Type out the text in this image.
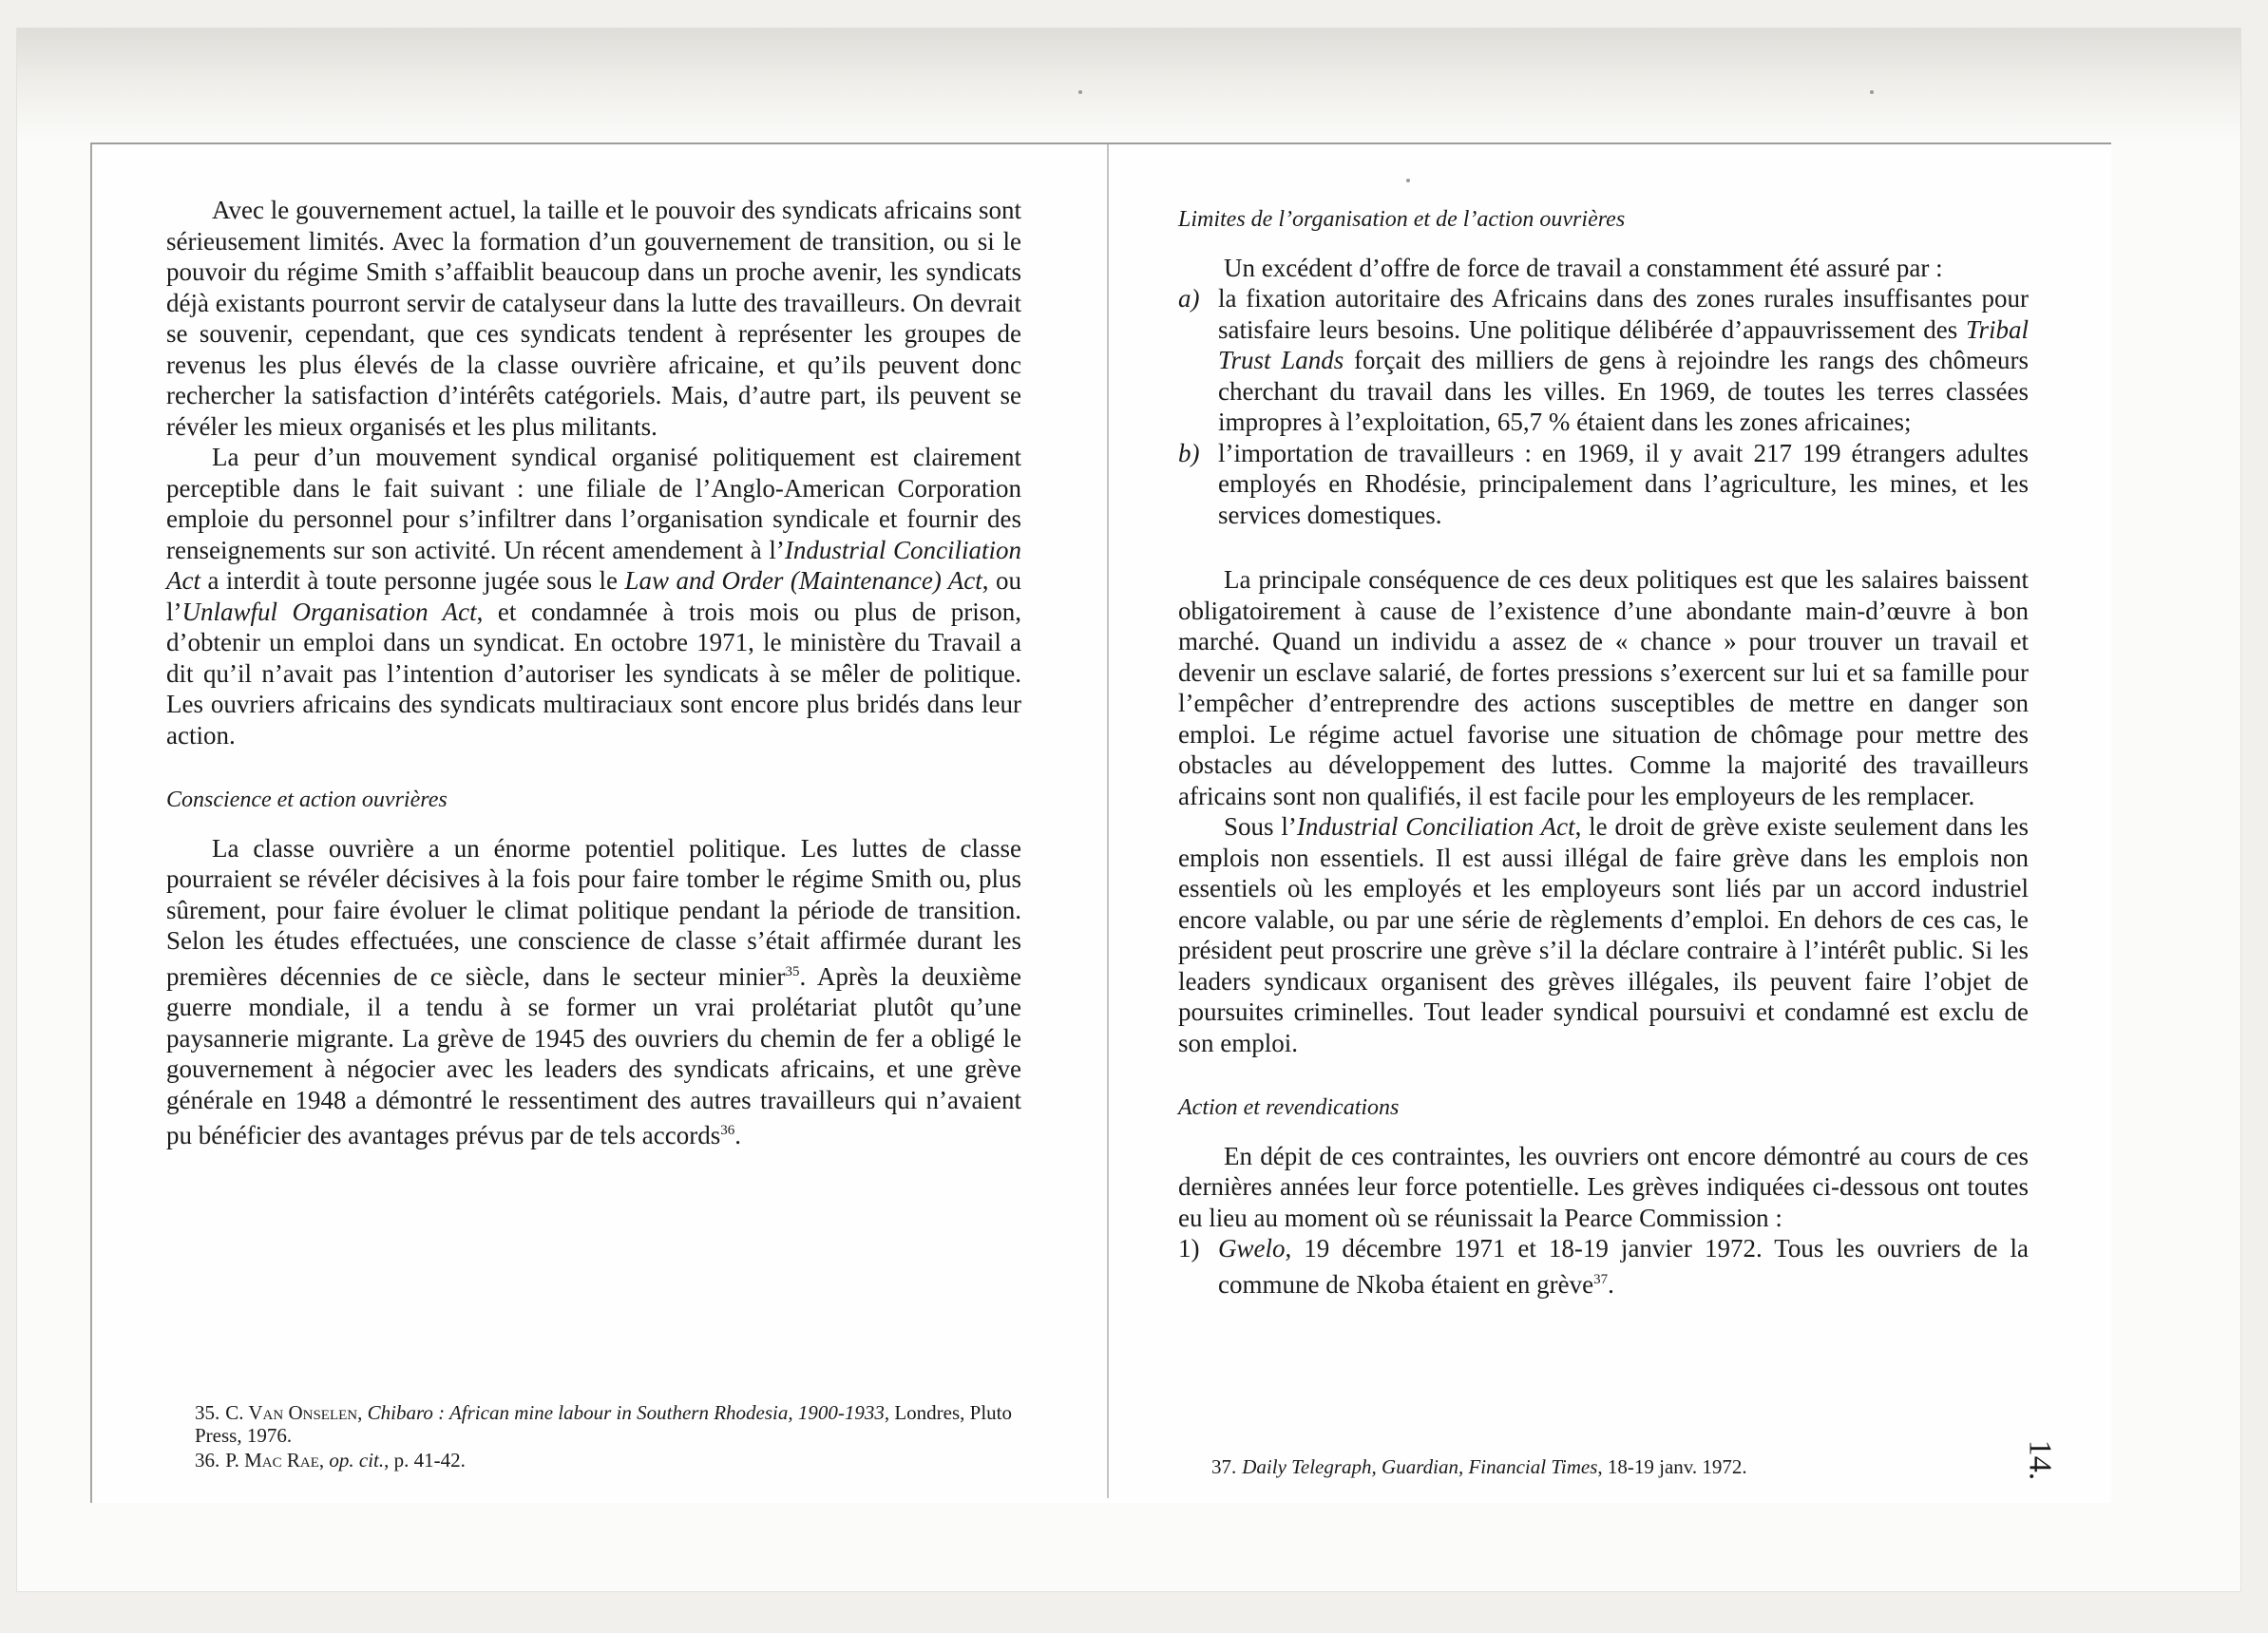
Avec le gouvernement actuel, la taille et le pouvoir des syndicats africains sont sérieusement limités. Avec la formation d’un gouvernement de transition, ou si le pouvoir du régime Smith s’affaiblit beaucoup dans un proche avenir, les syndicats déjà existants pourront servir de catalyseur dans la lutte des travailleurs. On devrait se souvenir, cependant, que ces syndicats tendent à représenter les groupes de revenus les plus élevés de la classe ouvrière africaine, et qu’ils peuvent donc rechercher la satisfaction d’intérêts catégoriels. Mais, d’autre part, ils peuvent se révéler les mieux organisés et les plus militants.

La peur d’un mouvement syndical organisé politiquement est clairement perceptible dans le fait suivant : une filiale de l’Anglo-American Corporation emploie du personnel pour s’infiltrer dans l’organisation syndicale et fournir des renseignements sur son activité. Un récent amendement à l’Industrial Conciliation Act a interdit à toute personne jugée sous le Law and Order (Maintenance) Act, ou l’Unlawful Organisation Act, et condamnée à trois mois ou plus de prison, d’obtenir un emploi dans un syndicat. En octobre 1971, le ministère du Travail a dit qu’il n’avait pas l’intention d’autoriser les syndicats à se mêler de politique. Les ouvriers africains des syndicats multiraciaux sont encore plus bridés dans leur action.

Conscience et action ouvrières

La classe ouvrière a un énorme potentiel politique. Les luttes de classe pourraient se révéler décisives à la fois pour faire tomber le régime Smith ou, plus sûrement, pour faire évoluer le climat politique pendant la période de transition. Selon les études effectuées, une conscience de classe s’était affirmée durant les premières décennies de ce siècle, dans le secteur minier$^{35}$. Après la deuxième guerre mondiale, il a tendu à se former un vrai prolétariat plutôt qu’une paysannerie migrante. La grève de 1945 des ouvriers du chemin de fer a obligé le gouvernement à négocier avec les leaders des syndicats africains, et une grève générale en 1948 a démontré le ressentiment des autres travailleurs qui n’avaient pu bénéficier des avantages prévus par de tels accords$^{36}$.

35. C. Van Onselen, Chibaro : African mine labour in Southern Rhodesia, 1900-1933, Londres, Pluto Press, 1976.
36. P. Mac Rae, op. cit., p. 41-42.

Limites de l’organisation et de l’action ouvrières

Un excédent d’offre de force de travail a constamment été assuré par :

a) la fixation autoritaire des Africains dans des zones rurales insuffisantes pour satisfaire leurs besoins. Une politique délibérée d’appauvrissement des Tribal Trust Lands forçait des milliers de gens à rejoindre les rangs des chômeurs cherchant du travail dans les villes. En 1969, de toutes les terres classées impropres à l’exploitation, 65,7 % étaient dans les zones africaines;
b) l’importation de travailleurs : en 1969, il y avait 217 199 étrangers adultes employés en Rhodésie, principalement dans l’agriculture, les mines, et les services domestiques.

La principale conséquence de ces deux politiques est que les salaires baissent obligatoirement à cause de l’existence d’une abondante main-d’œuvre à bon marché. Quand un individu a assez de « chance » pour trouver un travail et devenir un esclave salarié, de fortes pressions s’exercent sur lui et sa famille pour l’empêcher d’entreprendre des actions susceptibles de mettre en danger son emploi. Le régime actuel favorise une situation de chômage pour mettre des obstacles au développement des luttes. Comme la majorité des travailleurs africains sont non qualifiés, il est facile pour les employeurs de les remplacer.

Sous l’Industrial Conciliation Act, le droit de grève existe seulement dans les emplois non essentiels. Il est aussi illégal de faire grève dans les emplois non essentiels où les employés et les employeurs sont liés par un accord industriel encore valable, ou par une série de règlements d’emploi. En dehors de ces cas, le président peut proscrire une grève s’il la déclare contraire à l’intérêt public. Si les leaders syndicaux organisent des grèves illégales, ils peuvent faire l’objet de poursuites criminelles. Tout leader syndical poursuivi et condamné est exclu de son emploi.

Action et revendications

En dépit de ces contraintes, les ouvriers ont encore démontré au cours de ces dernières années leur force potentielle. Les grèves indiquées ci-dessous ont toutes eu lieu au moment où se réunissait la Pearce Commission :

1) Gwelo, 19 décembre 1971 et 18-19 janvier 1972. Tous les ouvriers de la commune de Nkoba étaient en grève$^{37}$.
37. Daily Telegraph, Guardian, Financial Times, 18-19 janv. 1972.	14.
